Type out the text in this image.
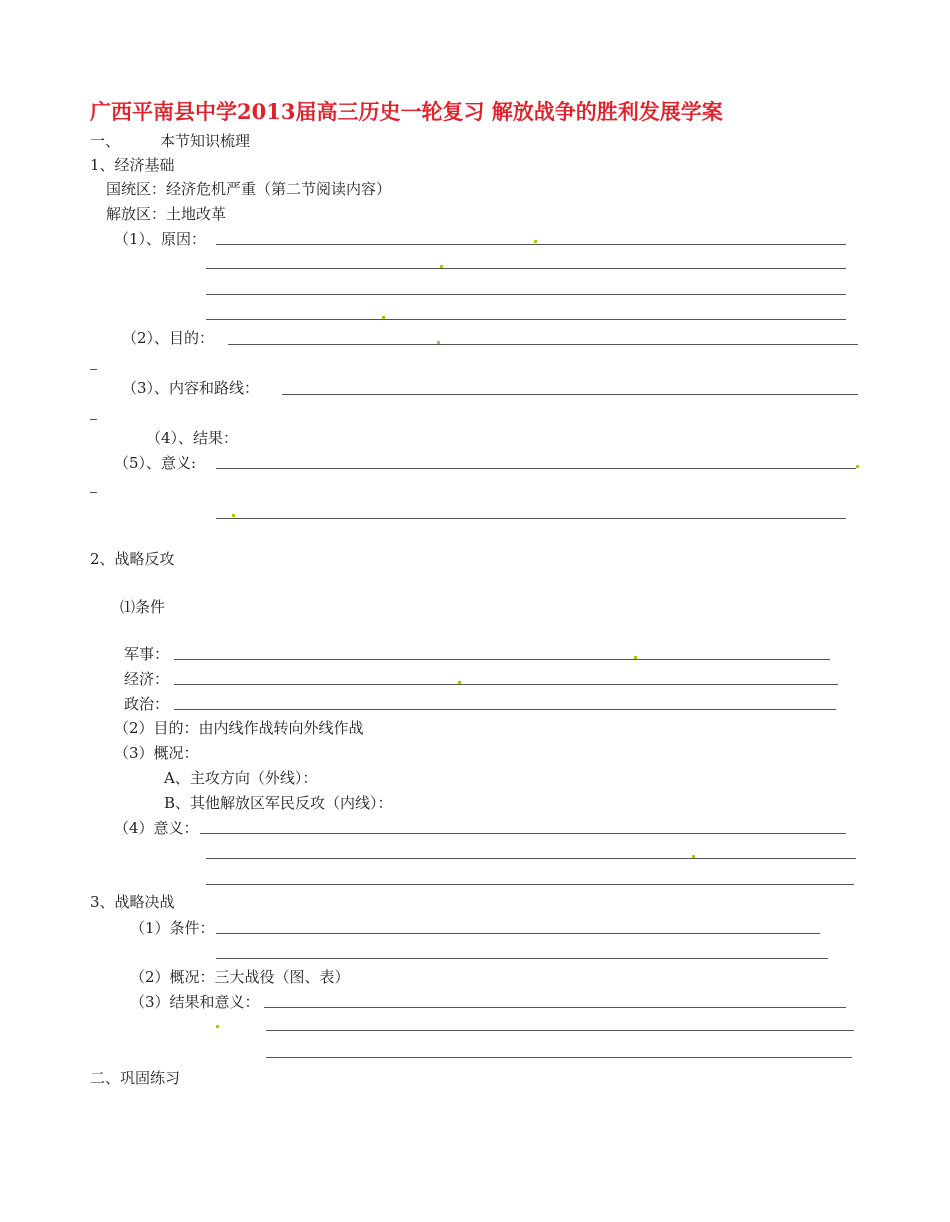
广西平南县中学2013届高三历史一轮复习 解放战争的胜利发展学案
一、	本节知识梳理
1、经济基础
国统区：经济危机严重（第二节阅读内容）
解放区：土地改革
（1）、原因：
（2）、目的：
（3）、内容和路线：
（4）、结果：
（5）、意义:
2、战略反攻
⑴条件
军事：
经济：
政治：
（2）目的：由内线作战转向外线作战
（3）概况：
A、主攻方向（外线）：
B、其他解放区军民反攻（内线）：
（4）意义：
3、战略决战
（1）条件：
（2）概况：三大战役（图、表）
（3）结果和意义：
二、巩固练习
